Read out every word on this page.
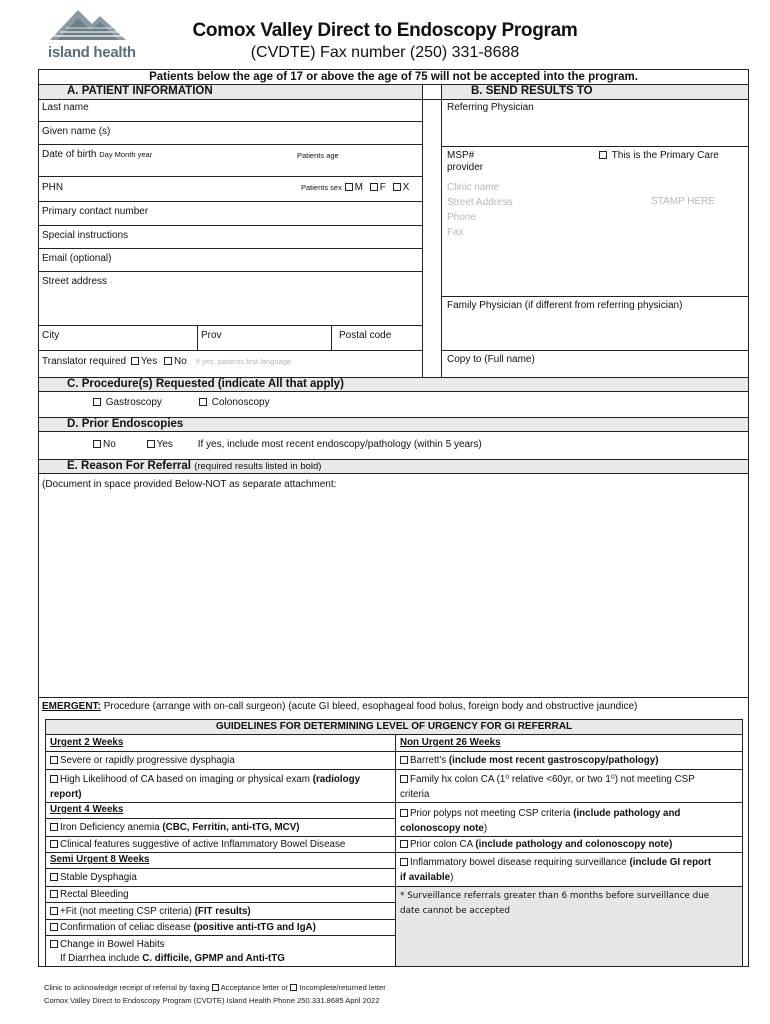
island health
Comox Valley Direct to Endoscopy Program
(CVDTE) Fax number (250) 331-8688
Patients below the age of 17 or above the age of 75 will not be accepted into the program.
A. PATIENT INFORMATION	B. SEND RESULTS TO
Last name
Given name (s)
Date of birth Day Month year	Patients age
PHN	Patients sex M F X
Primary contact number
Special instructions
Email (optional)
Street address
City	Prov	Postal code
Translator required Yes No If yes, patients first language
Referring Physician
MSP#
provider
This is the Primary Care
Clinic name
Street Address
Phone
Fax
STAMP HERE
Family Physician (if different from referring physician)
Copy to (Full name)
C. Procedure(s) Requested (indicate All that apply)
Gastroscopy	Colonoscopy
D. Prior Endoscopies
No	Yes If yes, include most recent endoscopy/pathology (within 5 years)
E. Reason For Referral (required results listed in bold)
(Document in space provided Below-NOT as separate attachment:
EMERGENT: Procedure (arrange with on-call surgeon) (acute GI bleed, esophageal food bolus, foreign body and obstructive jaundice)
GUIDELINES FOR DETERMINING LEVEL OF URGENCY FOR GI REFERRAL
Urgent 2 Weeks
Severe or rapidly progressive dysphagia
High Likelihood of CA based on imaging or physical exam (radiology
report)
Urgent 4 Weeks
Iron Deficiency anemia (CBC, Ferritin, anti-tTG, MCV)
Clinical features suggestive of active Inflammatory Bowel Disease
Semi Urgent 8 Weeks
Stable Dysphagia
Rectal Bleeding
+Fit (not meeting CSP criteria) (FIT results)
Confirmation of celiac disease (positive anti-tTG and IgA)
Change in Bowel Habits
If Diarrhea include C. difficile, GPMP and Anti-tTG
Non Urgent 26 Weeks
Barrett's (include most recent gastroscopy/pathology)
Family hx colon CA (1⁰ relative <60yr, or two 1⁰) not meeting CSP
criteria
Prior polyps not meeting CSP criteria (include pathology and
colonoscopy note)
Prior colon CA (include pathology and colonoscopy note)
Inflammatory bowel disease requiring surveillance (include GI report
if available)
* Surveillance referrals greater than 6 months before surveillance due
date cannot be accepted
Clinic to acknowledge receipt of referral by faxing Acceptance letter or Incomplete/returned letter
Comox Valley Direct to Endoscopy Program (CVDTE) Island Health Phone 250.331.8685 April 2022
